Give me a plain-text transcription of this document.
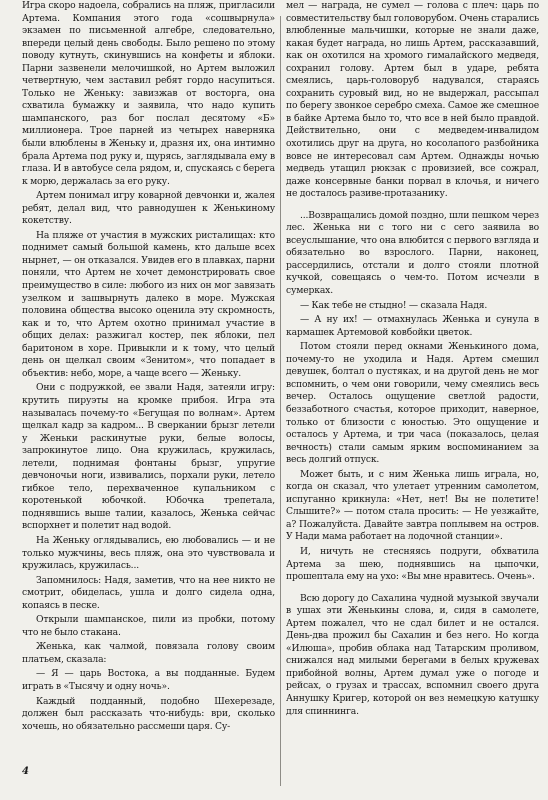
Игра скоро надоела, собрались на пляж, пригласили Артема. Компания этого года «сошвырнула» экзамен по письменной алгебре, следовательно, впереди целый день свободы. Было решено по этому поводу кутнуть, скинувшись на конфеты и яблоки. Парни зазвенели мелочишкой, но Артем выложил четвертную, чем заставил ребят гордо насупиться. Только не Женьку: завизжав от восторга, она схватила бумажку и заявила, что надо купить шампанского, раз бог послал десятому «Б» миллионера. Трое парней из четырех наверняка были влюблены в Женьку и, дразня их, она интимно брала Артема под руку и, щурясь, заглядывала ему в глаза. И в автобусе села рядом, и, спускаясь с берега к морю, держалась за его руку.

Артем понимал игру коварной девчонки и, жалея ребят, делал вид, что равнодушен к Женькиному кокетству.

На пляже от участия в мужских ристалищах: кто поднимет самый большой камень, кто дальше всех нырнет, — он отказался. Увидев его в плавках, парни поняли, что Артем не хочет демонстрировать свое преимущество в силе: любого из них он мог завязать узелком и зашвырнуть далеко в море. Мужская половина общества высоко оценила эту скромность, как и то, что Артем охотно принимал участие в общих делах: разжигал костер, пек яблоки, пел баритоном в хоре. Привыкли и к тому, что целый день он щелкал своим «Зенитом», что попадает в объектив: небо, море, а чаще всего — Женьку.

Они с подружкой, ее звали Надя, затеяли игру: крутить пируэты на кромке прибоя. Игра эта называлась почему-то «Бегущая по волнам». Артем щелкал кадр за кадром... В сверкании брызг летели у Женьки раскинутые руки, белые волосы, запрокинутое лицо. Она кружилась, кружилась, летели, поднимая фонтаны брызг, упругие девчоночьи ноги, извивались, порхали руки, летело гибкое тело, перехваченное купальником с коротенькой юбочкой. Юбочка трепетала, поднявшись выше талии, казалось, Женька сейчас вспорхнет и полетит над водой.

На Женьку оглядывались, ею любовались — и не только мужчины, весь пляж, она это чувствовала и кружилась, кружилась...

Запомнилось: Надя, заметив, что на нее никто не смотрит, обиделась, ушла и долго сидела одна, копаясь в песке.

Открыли шампанское, пили из пробки, потому что не было стакана.

Женька, как чалмой, повязала голову своим платьем, сказала:

— Я — царь Востока, а вы подданные. Будем играть в «Тысячу и одну ночь».

Каждый подданный, подобно Шехерезаде, должен был рассказать что-нибудь: ври, сколько хочешь, но обязательно рассмеши царя. Су-

мел — награда, не сумел — голова с плеч: царь по совместительству был головорубом. Очень старались влюбленные мальчишки, которые не знали даже, какая будет награда, но лишь Артем, рассказавший, как он охотился на хромого гималайского медведя, сохранил голову. Артем был в ударе, ребята смеялись, царь-головоруб надувался, стараясь сохранить суровый вид, но не выдержал, рассыпал по берегу звонкое серебро смеха. Самое же смешное в байке Артема было то, что все в ней было правдой. Действительно, они с медведем-инвалидом охотились друг на друга, но косолапого разбойника вовсе не интересовал сам Артем. Однажды ночью медведь утащил рюкзак с провизией, все сожрал, даже консервные банки порвал в клочья, и ничего не досталось разиве-протазанику.

...Возвращались домой поздно, шли пешком через лес. Женька ни с того ни с сего заявила во всеуслышание, что она влюбится с первого взгляда и обязательно во взрослого. Парни, наконец, рассердились, отстали и долго стояли плотной кучкой, совещаясь о чем-то. Потом исчезли в сумерках.

— Как тебе не стыдно! — сказала Надя.

— А ну их! — отмахнулась Женька и сунула в кармашек Артемовой ковбойки цветок.

Потом стояли перед окнами Женькиного дома, почему-то не уходила и Надя. Артем смешил девушек, болтал о пустяках, и на другой день не мог вспомнить, о чем они говорили, чему смеялись весь вечер. Осталось ощущение светлой радости, беззаботного счастья, которое приходит, наверное, только от близости с юностью. Это ощущение и осталось у Артема, и три часа (показалось, целая вечность) стали самым ярким воспоминанием за весь долгий отпуск.

Может быть, и с ним Женька лишь играла, но, когда он сказал, что улетает утренним самолетом, испуганно крикнула: «Нет, нет! Вы не полетите! Слышите?» — потом стала просить: — Не уезжайте, а? Пожалуйста. Давайте завтра поплывем на остров. У Нади мама работает на лодочной станции».

И, ничуть не стесняясь подруги, обхватила Артема за шею, поднявшись на цыпочки, прошептала ему на ухо: «Вы мне нравитесь. Очень».

Всю дорогу до Сахалина чудной музыкой звучали в ушах эти Женькины слова, и, сидя в самолете, Артем пожалел, что не сдал билет и не остался. День-два прожил бы Сахалин и без него. Но когда «Илюша», пробив облака над Татарским проливом, снижался над милыми берегами в белых кружевах прибойной волны, Артем думал уже о погоде и рейсах, о грузах и трассах, вспомнил своего друга Аннушку Кригер, которой он вез немецкую катушку для спиннинга.

4
